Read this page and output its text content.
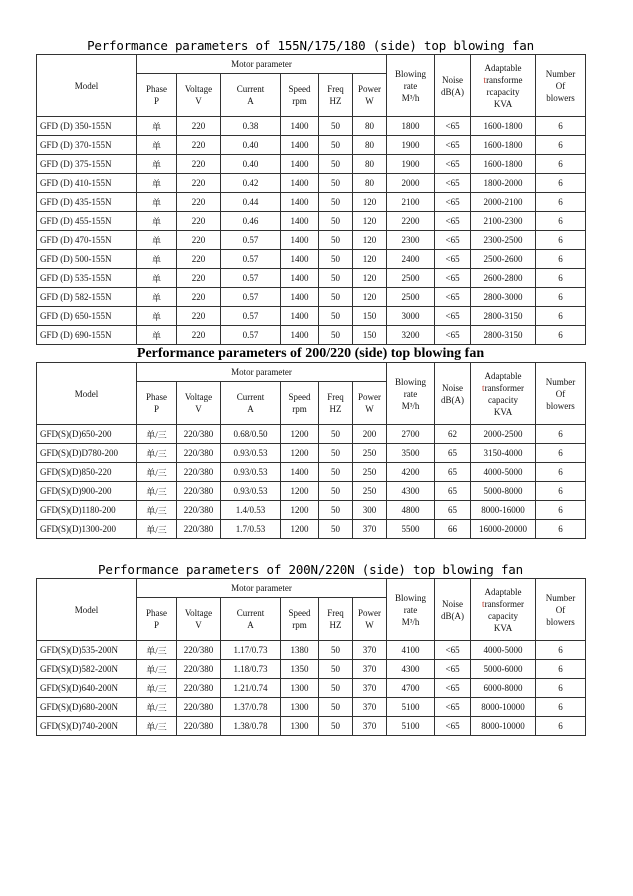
Performance parameters of 155N/175/180 (side) top blowing fan
Model	Motor parameter						Blowing
rate
M³/h	Noise
dB(A)	Adaptable
transforme
rcapacity
KVA	Number
Of
blowers

	Phase
P	Voltage
V	Current
A	Speed
rpm	Freq
HZ	Power
W				

GFD (D) 350-155N	单	220	0.38	1400	50	80	1800	<65	1600-1800	6
GFD (D) 370-155N	单	220	0.40	1400	50	80	1900	<65	1600-1800	6
GFD (D) 375-155N	单	220	0.40	1400	50	80	1900	<65	1600-1800	6
GFD (D) 410-155N	单	220	0.42	1400	50	80	2000	<65	1800-2000	6
GFD (D) 435-155N	单	220	0.44	1400	50	120	2100	<65	2000-2100	6
GFD (D) 455-155N	单	220	0.46	1400	50	120	2200	<65	2100-2300	6
GFD (D) 470-155N	单	220	0.57	1400	50	120	2300	<65	2300-2500	6
GFD (D) 500-155N	单	220	0.57	1400	50	120	2400	<65	2500-2600	6
GFD (D) 535-155N	单	220	0.57	1400	50	120	2500	<65	2600-2800	6
GFD (D) 582-155N	单	220	0.57	1400	50	120	2500	<65	2800-3000	6
GFD (D) 650-155N	单	220	0.57	1400	50	150	3000	<65	2800-3150	6
GFD (D) 690-155N	单	220	0.57	1400	50	150	3200	<65	2800-3150	6
Performance parameters of 200/220 (side) top blowing fan
Model	Motor parameter						Blowing
rate
M³/h	Noise
dB(A)	Adaptable
transformer
capacity
KVA	Number
Of
blowers

	Phase
P	Voltage
V	Current
A	Speed
rpm	Freq
HZ	Power
W				

GFD(S)(D)650-200	单/三	220/380	0.68/0.50	1200	50	200	2700	62	2000-2500	6
GFD(S)(D)D780-200	单/三	220/380	0.93/0.53	1200	50	250	3500	65	3150-4000	6
GFD(S)(D)850-220	单/三	220/380	0.93/0.53	1400	50	250	4200	65	4000-5000	6
GFD(S)(D)900-200	单/三	220/380	0.93/0.53	1200	50	250	4300	65	5000-8000	6
GFD(S)(D)1180-200	单/三	220/380	1.4/0.53	1200	50	300	4800	65	8000-16000	6
GFD(S)(D)1300-200	单/三	220/380	1.7/0.53	1200	50	370	5500	66	16000-20000	6
Performance parameters of 200N/220N (side) top blowing fan
Model	Motor parameter						Blowing
rate
M³/h	Noise
dB(A)	Adaptable
transformer
capacity
KVA	Number
Of
blowers

	Phase
P	Voltage
V	Current
A	Speed
rpm	Freq
HZ	Power
W				

GFD(S)(D)535-200N	单/三	220/380	1.17/0.73	1380	50	370	4100	<65	4000-5000	6
GFD(S)(D)582-200N	单/三	220/380	1.18/0.73	1350	50	370	4300	<65	5000-6000	6
GFD(S)(D)640-200N	单/三	220/380	1.21/0.74	1300	50	370	4700	<65	6000-8000	6
GFD(S)(D)680-200N	单/三	220/380	1.37/0.78	1300	50	370	5100	<65	8000-10000	6
GFD(S)(D)740-200N	单/三	220/380	1.38/0.78	1300	50	370	5100	<65	8000-10000	6
